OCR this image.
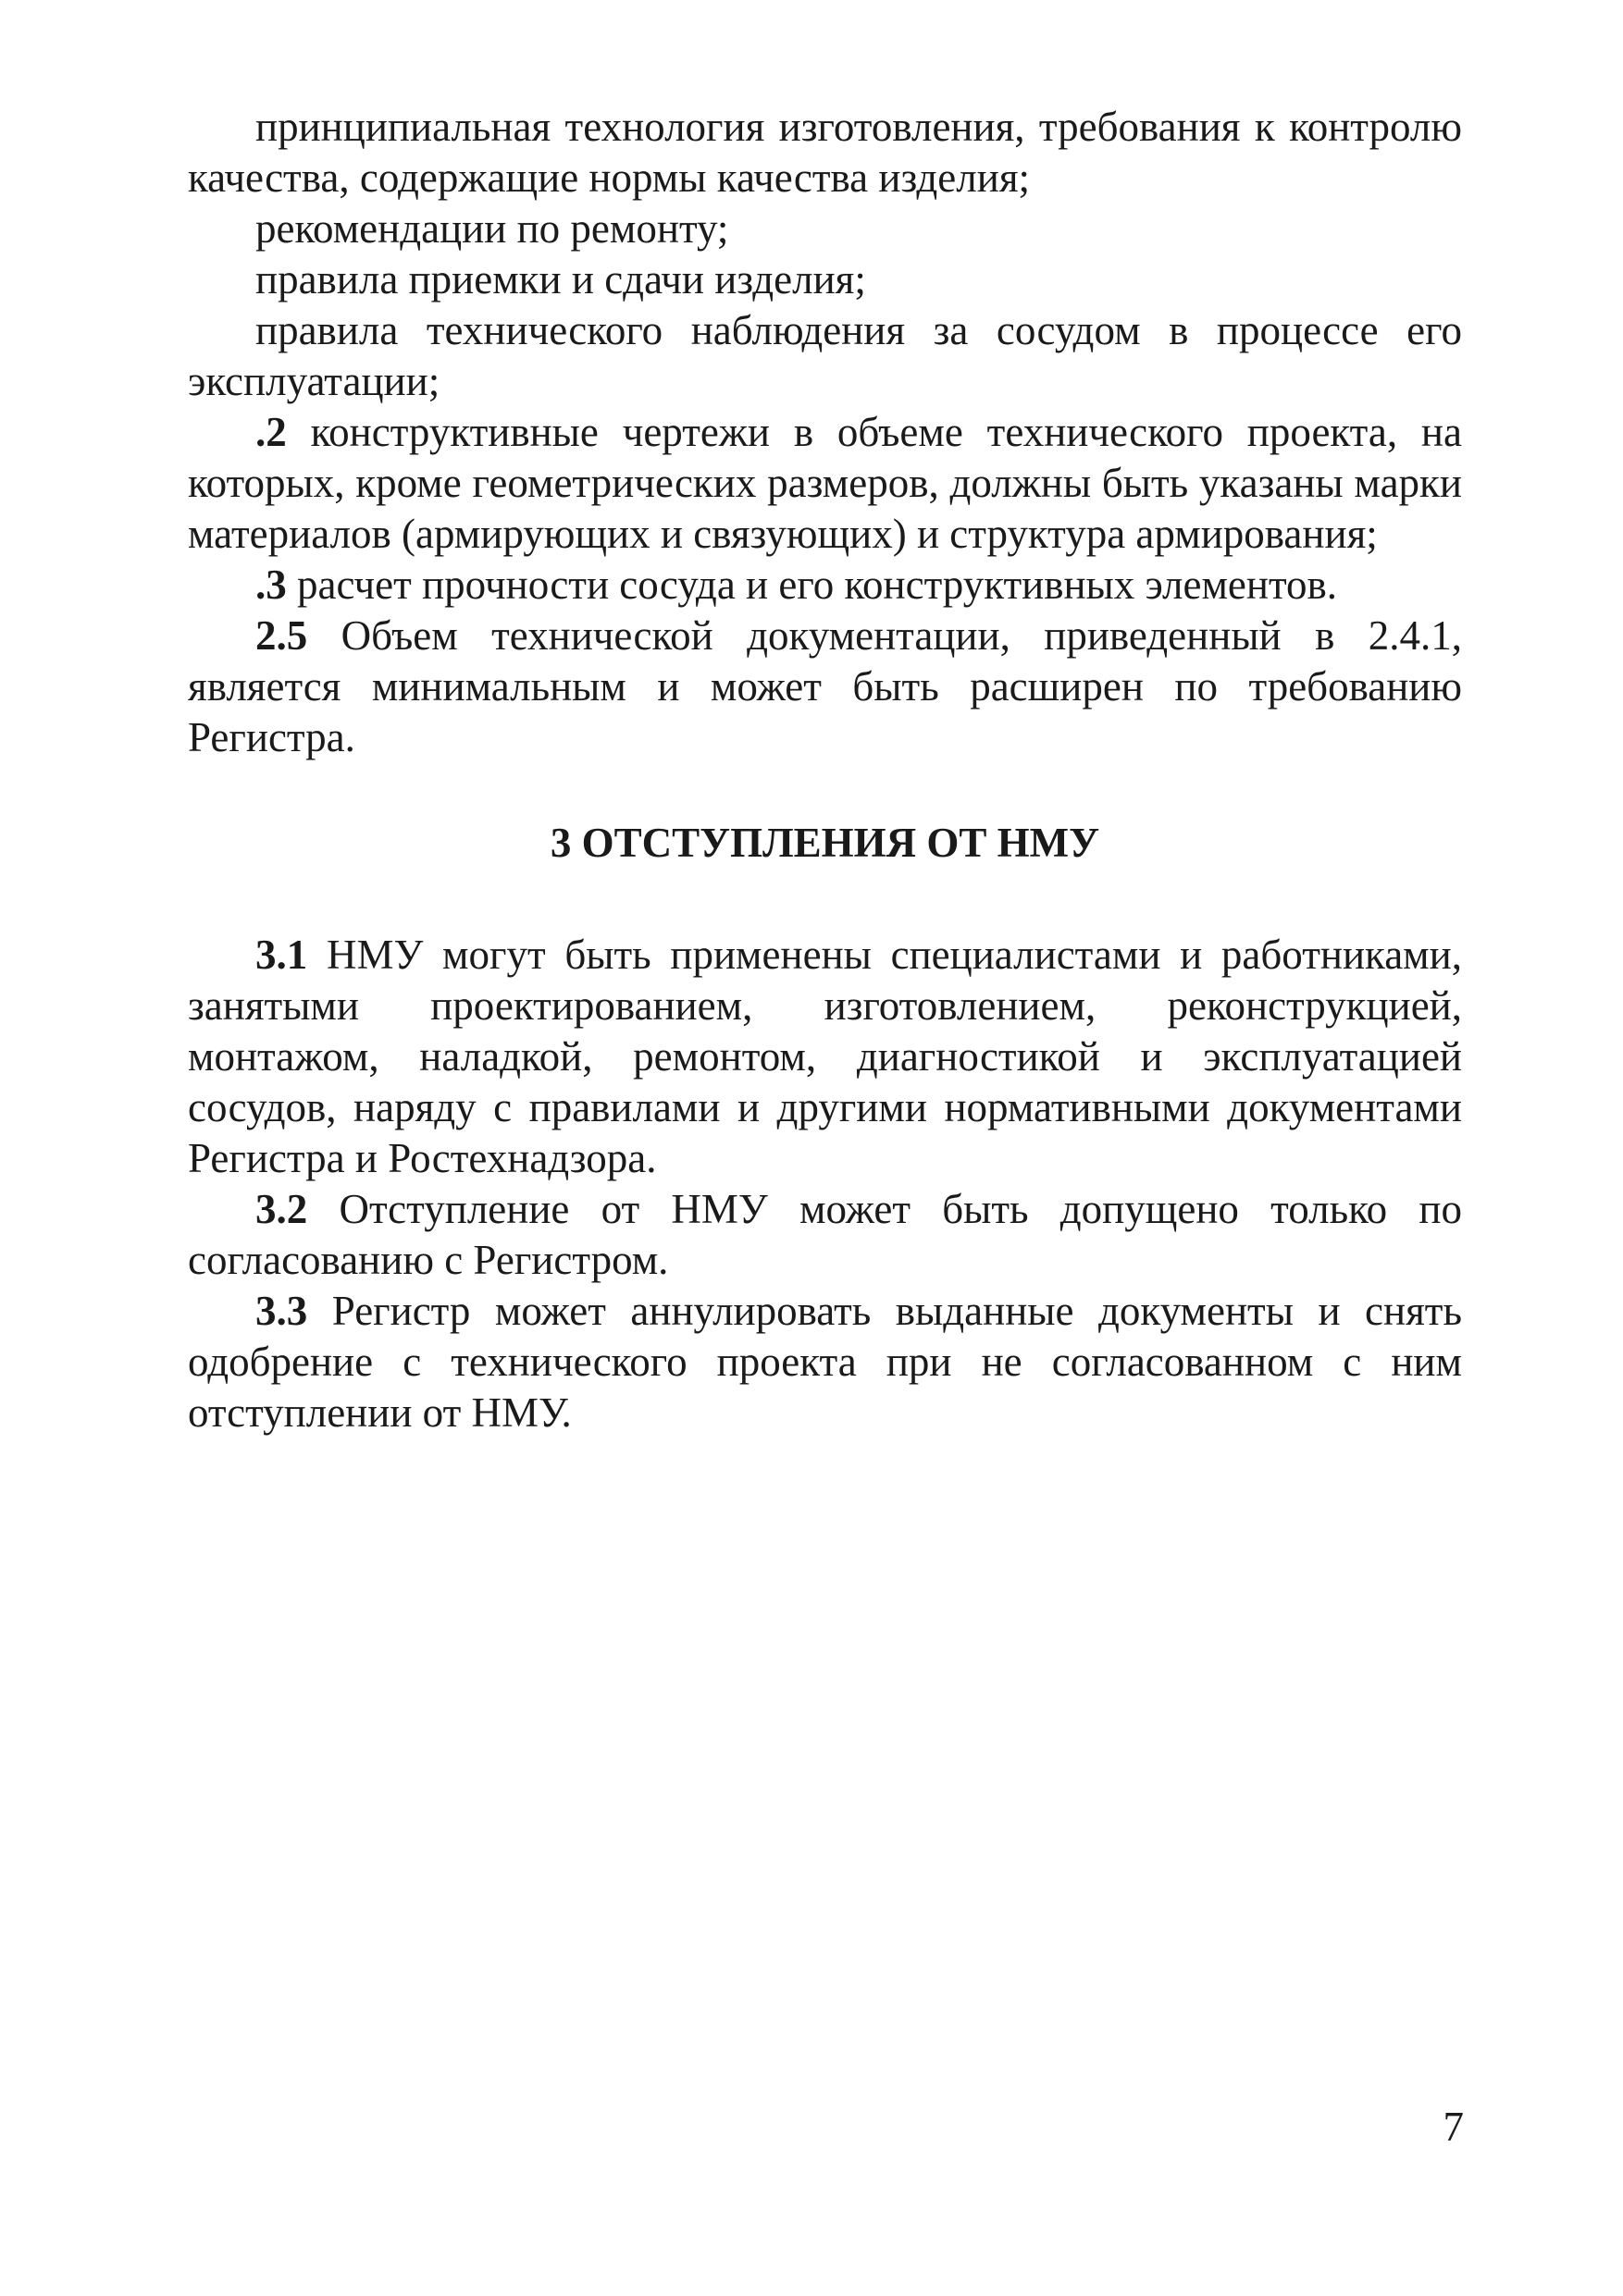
принципиальная технология изготовления, требования к контролю качества, содержащие нормы качества изделия;

рекомендации по ремонту;

правила приемки и сдачи изделия;

правила технического наблюдения за сосудом в процессе его эксплуатации;

.2 конструктивные чертежи в объеме технического проекта, на которых, кроме геометрических размеров, должны быть указаны марки материалов (армирующих и связующих) и структура армирования;

.3 расчет прочности сосуда и его конструктивных элементов.

2.5 Объем технической документации, приведенный в 2.4.1, является минимальным и может быть расширен по требованию Регистра.

3 ОТСТУПЛЕНИЯ ОТ НМУ

3.1 НМУ могут быть применены специалистами и работниками, занятыми проектированием, изготовлением, реконструкцией, монтажом, наладкой, ремонтом, диагностикой и эксплуатацией сосудов, наряду с правилами и другими нормативными документами Регистра и Ростехнадзора.

3.2 Отступление от НМУ может быть допущено только по согласованию с Регистром.

3.3 Регистр может аннулировать выданные документы и снять одобрение с технического проекта при не согласованном с ним отступлении от НМУ.

7
